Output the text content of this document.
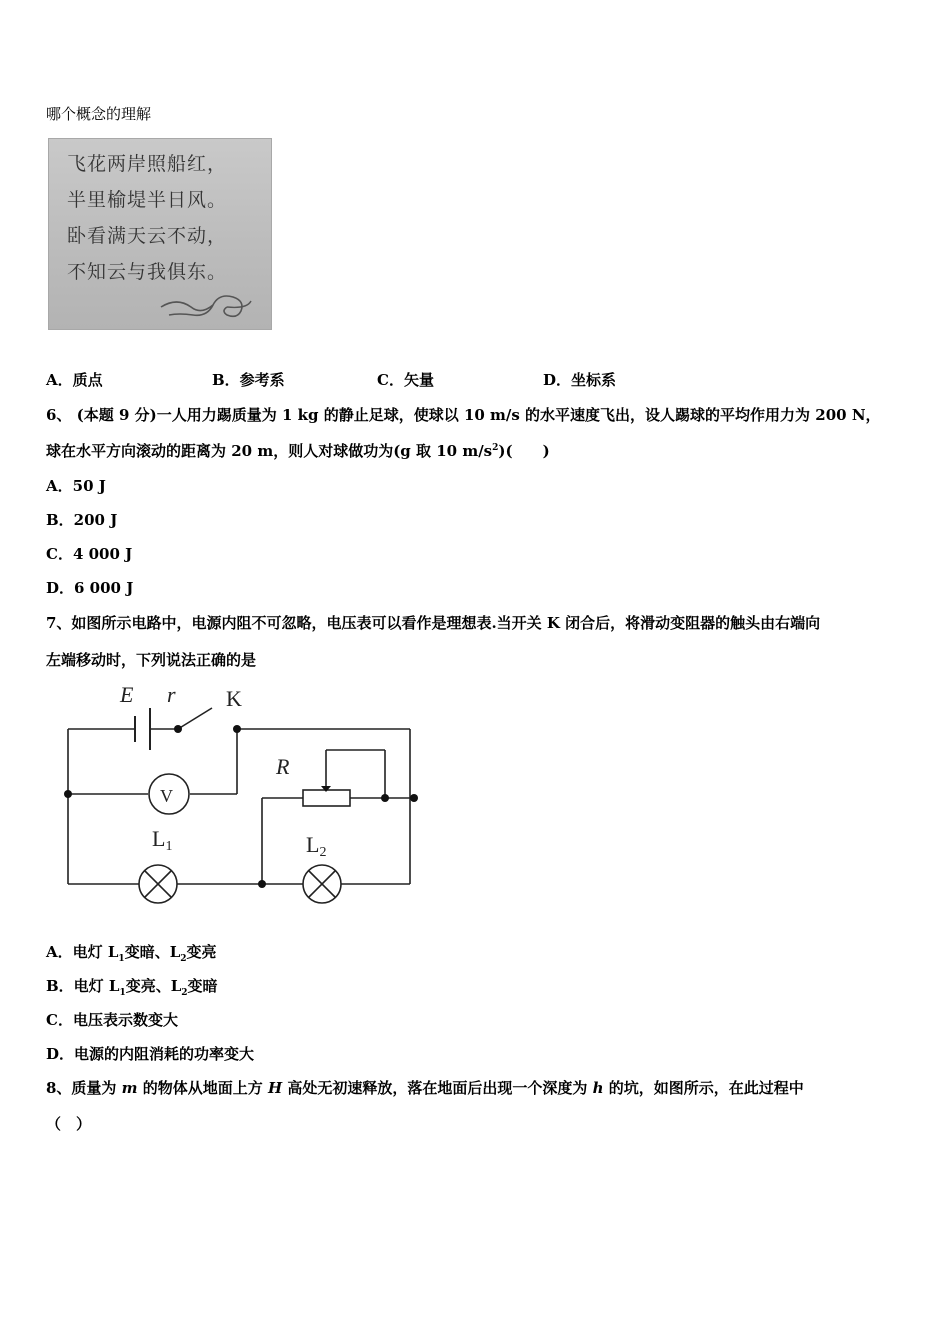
哪个概念的理解
飞花两岸照船红，
半里榆堤半日风。
卧看满天云不动，
不知云与我俱东。
A．质点	B．参考系	C．矢量	D．坐标系
6、 (本题 9 分)一人用力踢质量为 1 kg 的静止足球，使球以 10 m/s 的水平速度飞出，设人踢球的平均作用力为 200 N，
球在水平方向滚动的距离为 20 m，则人对球做功为(g 取 10 $m/s^2$)(　　)
A．50 J
B．200 J
C．4 000 J
D．6 000 J
7、如图所示电路中，电源内阻不可忽略，电压表可以看作是理想表.当开关 K 闭合后，将滑动变阻器的触头由右端向
左端移动时，下列说法正确的是
E r K
R
V
L1	L2
A．电灯 $L_1$变暗、$L_2$变亮
B．电灯 $L_1$变亮、$L_2$变暗
C．电压表示数变大
D．电源的内阻消耗的功率变大
8、质量为 m 的物体从地面上方 H 高处无初速释放，落在地面后出现一个深度为 h 的坑，如图所示，在此过程中
（　）
